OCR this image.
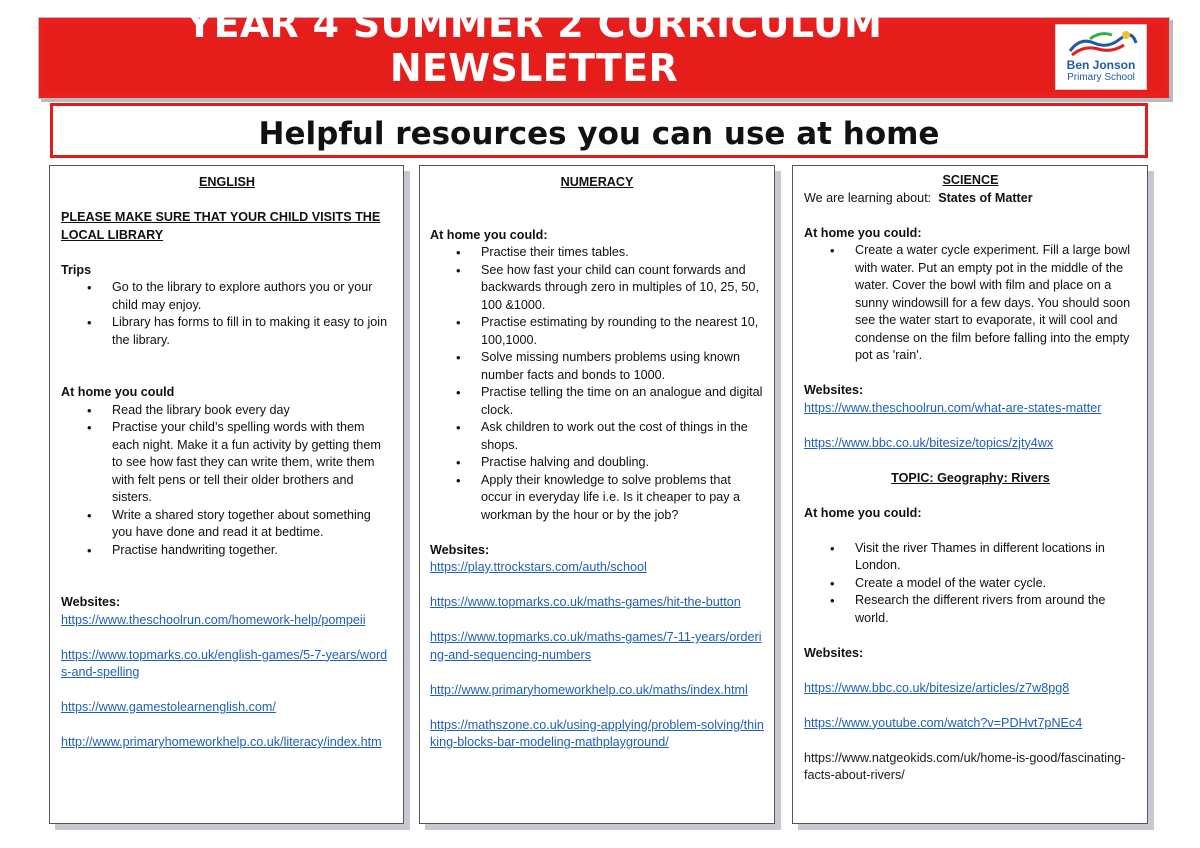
YEAR 4 SUMMER 2 CURRICULUM NEWSLETTER	Ben Jonson
Primary School
Helpful resources you can use at home
ENGLISH
PLEASE MAKE SURE THAT YOUR CHILD VISITS THE LOCAL LIBRARY
Trips
• Go to the library to explore authors you or your child may enjoy.
• Library has forms to fill in to making it easy to join the library.
At home you could
• Read the library book every day
• Practise your child’s spelling words with them each night. Make it a fun activity by getting them to see how fast they can write them, write them with felt pens or tell their older brothers and sisters.
• Write a shared story together about something you have done and read it at bedtime.
• Practise handwriting together.
Websites:
https://www.theschoolrun.com/homework-help/pompeii
https://www.topmarks.co.uk/english-games/5-7-years/words-and-spelling
https://www.gamestolearnenglish.com/
http://www.primaryhomeworkhelp.co.uk/literacy/index.htm
NUMERACY
At home you could:
• Practise their times tables.
• See how fast your child can count forwards and backwards through zero in multiples of 10, 25, 50, 100 &1000.
• Practise estimating by rounding to the nearest 10, 100,1000.
• Solve missing numbers problems using known number facts and bonds to 1000.
• Practise telling the time on an analogue and digital clock.
• Ask children to work out the cost of things in the shops.
• Practise halving and doubling.
• Apply their knowledge to solve problems that occur in everyday life i.e. Is it cheaper to pay a workman by the hour or by the job?
Websites:
https://play.ttrockstars.com/auth/school
https://www.topmarks.co.uk/maths-games/hit-the-button
https://www.topmarks.co.uk/maths-games/7-11-years/ordering-and-sequencing-numbers
http://www.primaryhomeworkhelp.co.uk/maths/index.html
https://mathszone.co.uk/using-applying/problem-solving/thinking-blocks-bar-modeling-mathplayground/
SCIENCE
We are learning about: States of Matter
At home you could:
• Create a water cycle experiment. Fill a large bowl with water. Put an empty pot in the middle of the water. Cover the bowl with film and place on a sunny windowsill for a few days. You should soon see the water start to evaporate, it will cool and condense on the film before falling into the empty pot as 'rain'.
Websites:
https://www.theschoolrun.com/what-are-states-matter
https://www.bbc.co.uk/bitesize/topics/zjty4wx
TOPIC: Geography: Rivers
At home you could:
• Visit the river Thames in different locations in London.
• Create a model of the water cycle.
• Research the different rivers from around the world.
Websites:
https://www.bbc.co.uk/bitesize/articles/z7w8pg8
https://www.youtube.com/watch?v=PDHvt7pNEc4
https://www.natgeokids.com/uk/home-is-good/fascinating-facts-about-rivers/
